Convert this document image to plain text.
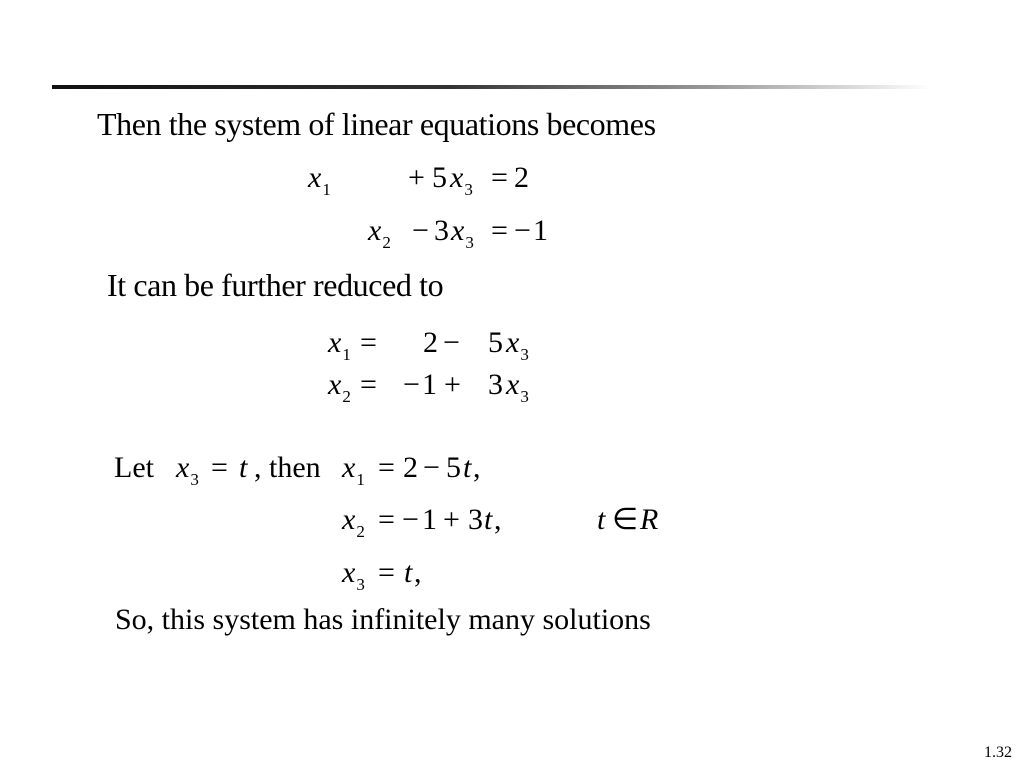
Then the system of linear equations becomes
$x_1$	+ 5 $x_3 = 2$
$x_2 - 3$ $x_3$ = − 1
It can be further reduced to
$x_1 = 2 - 5$ $x_3$
$x_2$ = − 1 + 3 $x_3$
Let $x_3 = t$ , then $x_1 = 2 - 5$ t ,
$x_2$ = − 1 + 3 t ,	t ∈ R
$x_3 = t$ ,
So, this system has infinitely many solutions
1.32
